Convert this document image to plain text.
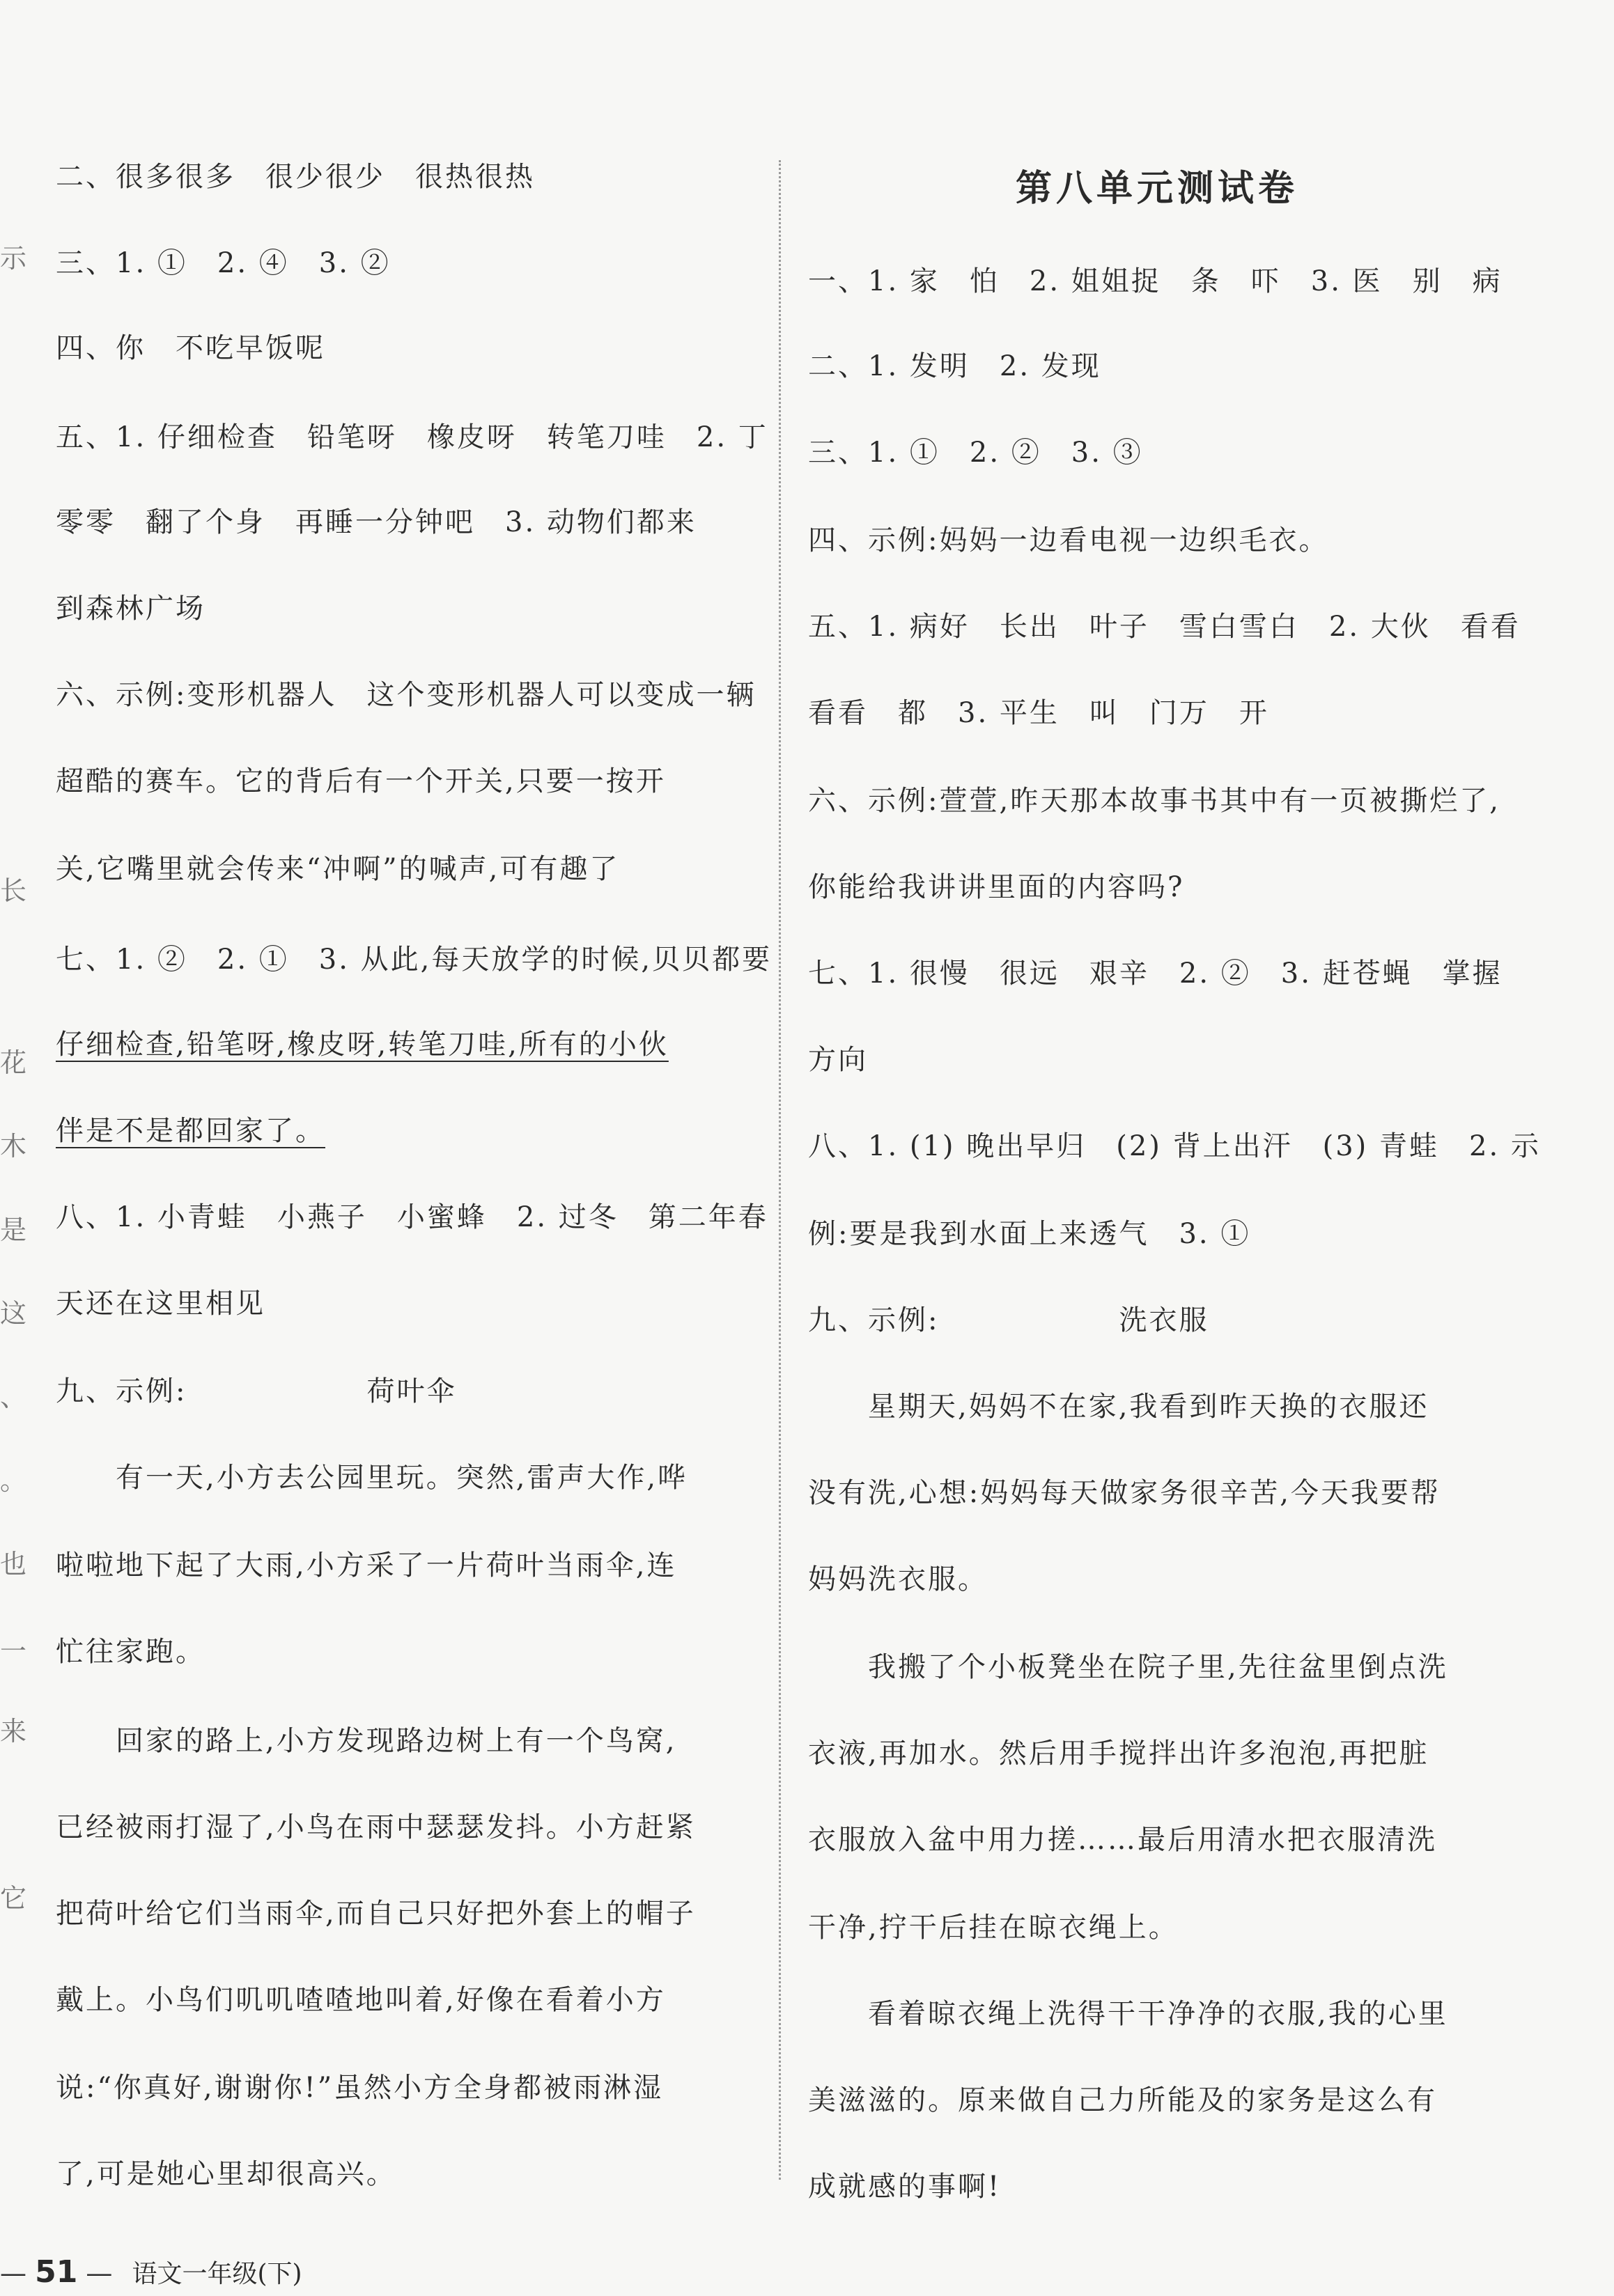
示
长
花
木
是
这
、
。
也
一
来
它
二、很多很多　很少很少　很热很热
三、1. ①　2. ④　3. ②
四、你　不吃早饭呢
五、1. 仔细检查　铅笔呀　橡皮呀　转笔刀哇　2. 丁
零零　翻了个身　再睡一分钟吧　3. 动物们都来
到森林广场
六、示例:变形机器人　这个变形机器人可以变成一辆
超酷的赛车。它的背后有一个开关,只要一按开
关,它嘴里就会传来“冲啊”的喊声,可有趣了
七、1. ②　2. ①　3. 从此,每天放学的时候,贝贝都要
仔细检查,铅笔呀,橡皮呀,转笔刀哇,所有的小伙
伴是不是都回家了。
八、1. 小青蛙　小燕子　小蜜蜂　2. 过冬　第二年春
天还在这里相见
九、示例:　　　　　　荷叶伞
　　有一天,小方去公园里玩。突然,雷声大作,哗
啦啦地下起了大雨,小方采了一片荷叶当雨伞,连
忙往家跑。
　　回家的路上,小方发现路边树上有一个鸟窝,
已经被雨打湿了,小鸟在雨中瑟瑟发抖。小方赶紧
把荷叶给它们当雨伞,而自己只好把外套上的帽子
戴上。小鸟们叽叽喳喳地叫着,好像在看着小方
说:“你真好,谢谢你!”虽然小方全身都被雨淋湿
了,可是她心里却很高兴。
第八单元测试卷
一、1. 家　怕　2. 姐姐捉　条　吓　3. 医　别　病
二、1. 发明　2. 发现
三、1. ①　2. ②　3. ③
四、示例:妈妈一边看电视一边织毛衣。
五、1. 病好　长出　叶子　雪白雪白　2. 大伙　看看
看看　都　3. 平生　叫　门万　开
六、示例:萱萱,昨天那本故事书其中有一页被撕烂了,
你能给我讲讲里面的内容吗?
七、1. 很慢　很远　艰辛　2. ②　3. 赶苍蝇　掌握
方向
八、1. (1) 晚出早归　(2) 背上出汗　(3) 青蛙　2. 示
例:要是我到水面上来透气　3. ①
九、示例:　　　　　　洗衣服
　　星期天,妈妈不在家,我看到昨天换的衣服还
没有洗,心想:妈妈每天做家务很辛苦,今天我要帮
妈妈洗衣服。
　　我搬了个小板凳坐在院子里,先往盆里倒点洗
衣液,再加水。然后用手搅拌出许多泡泡,再把脏
衣服放入盆中用力搓……最后用清水把衣服清洗
干净,拧干后挂在晾衣绳上。
　　看着晾衣绳上洗得干干净净的衣服,我的心里
美滋滋的。原来做自己力所能及的家务是这么有
成就感的事啊!
— 51 — 语文一年级(下)
